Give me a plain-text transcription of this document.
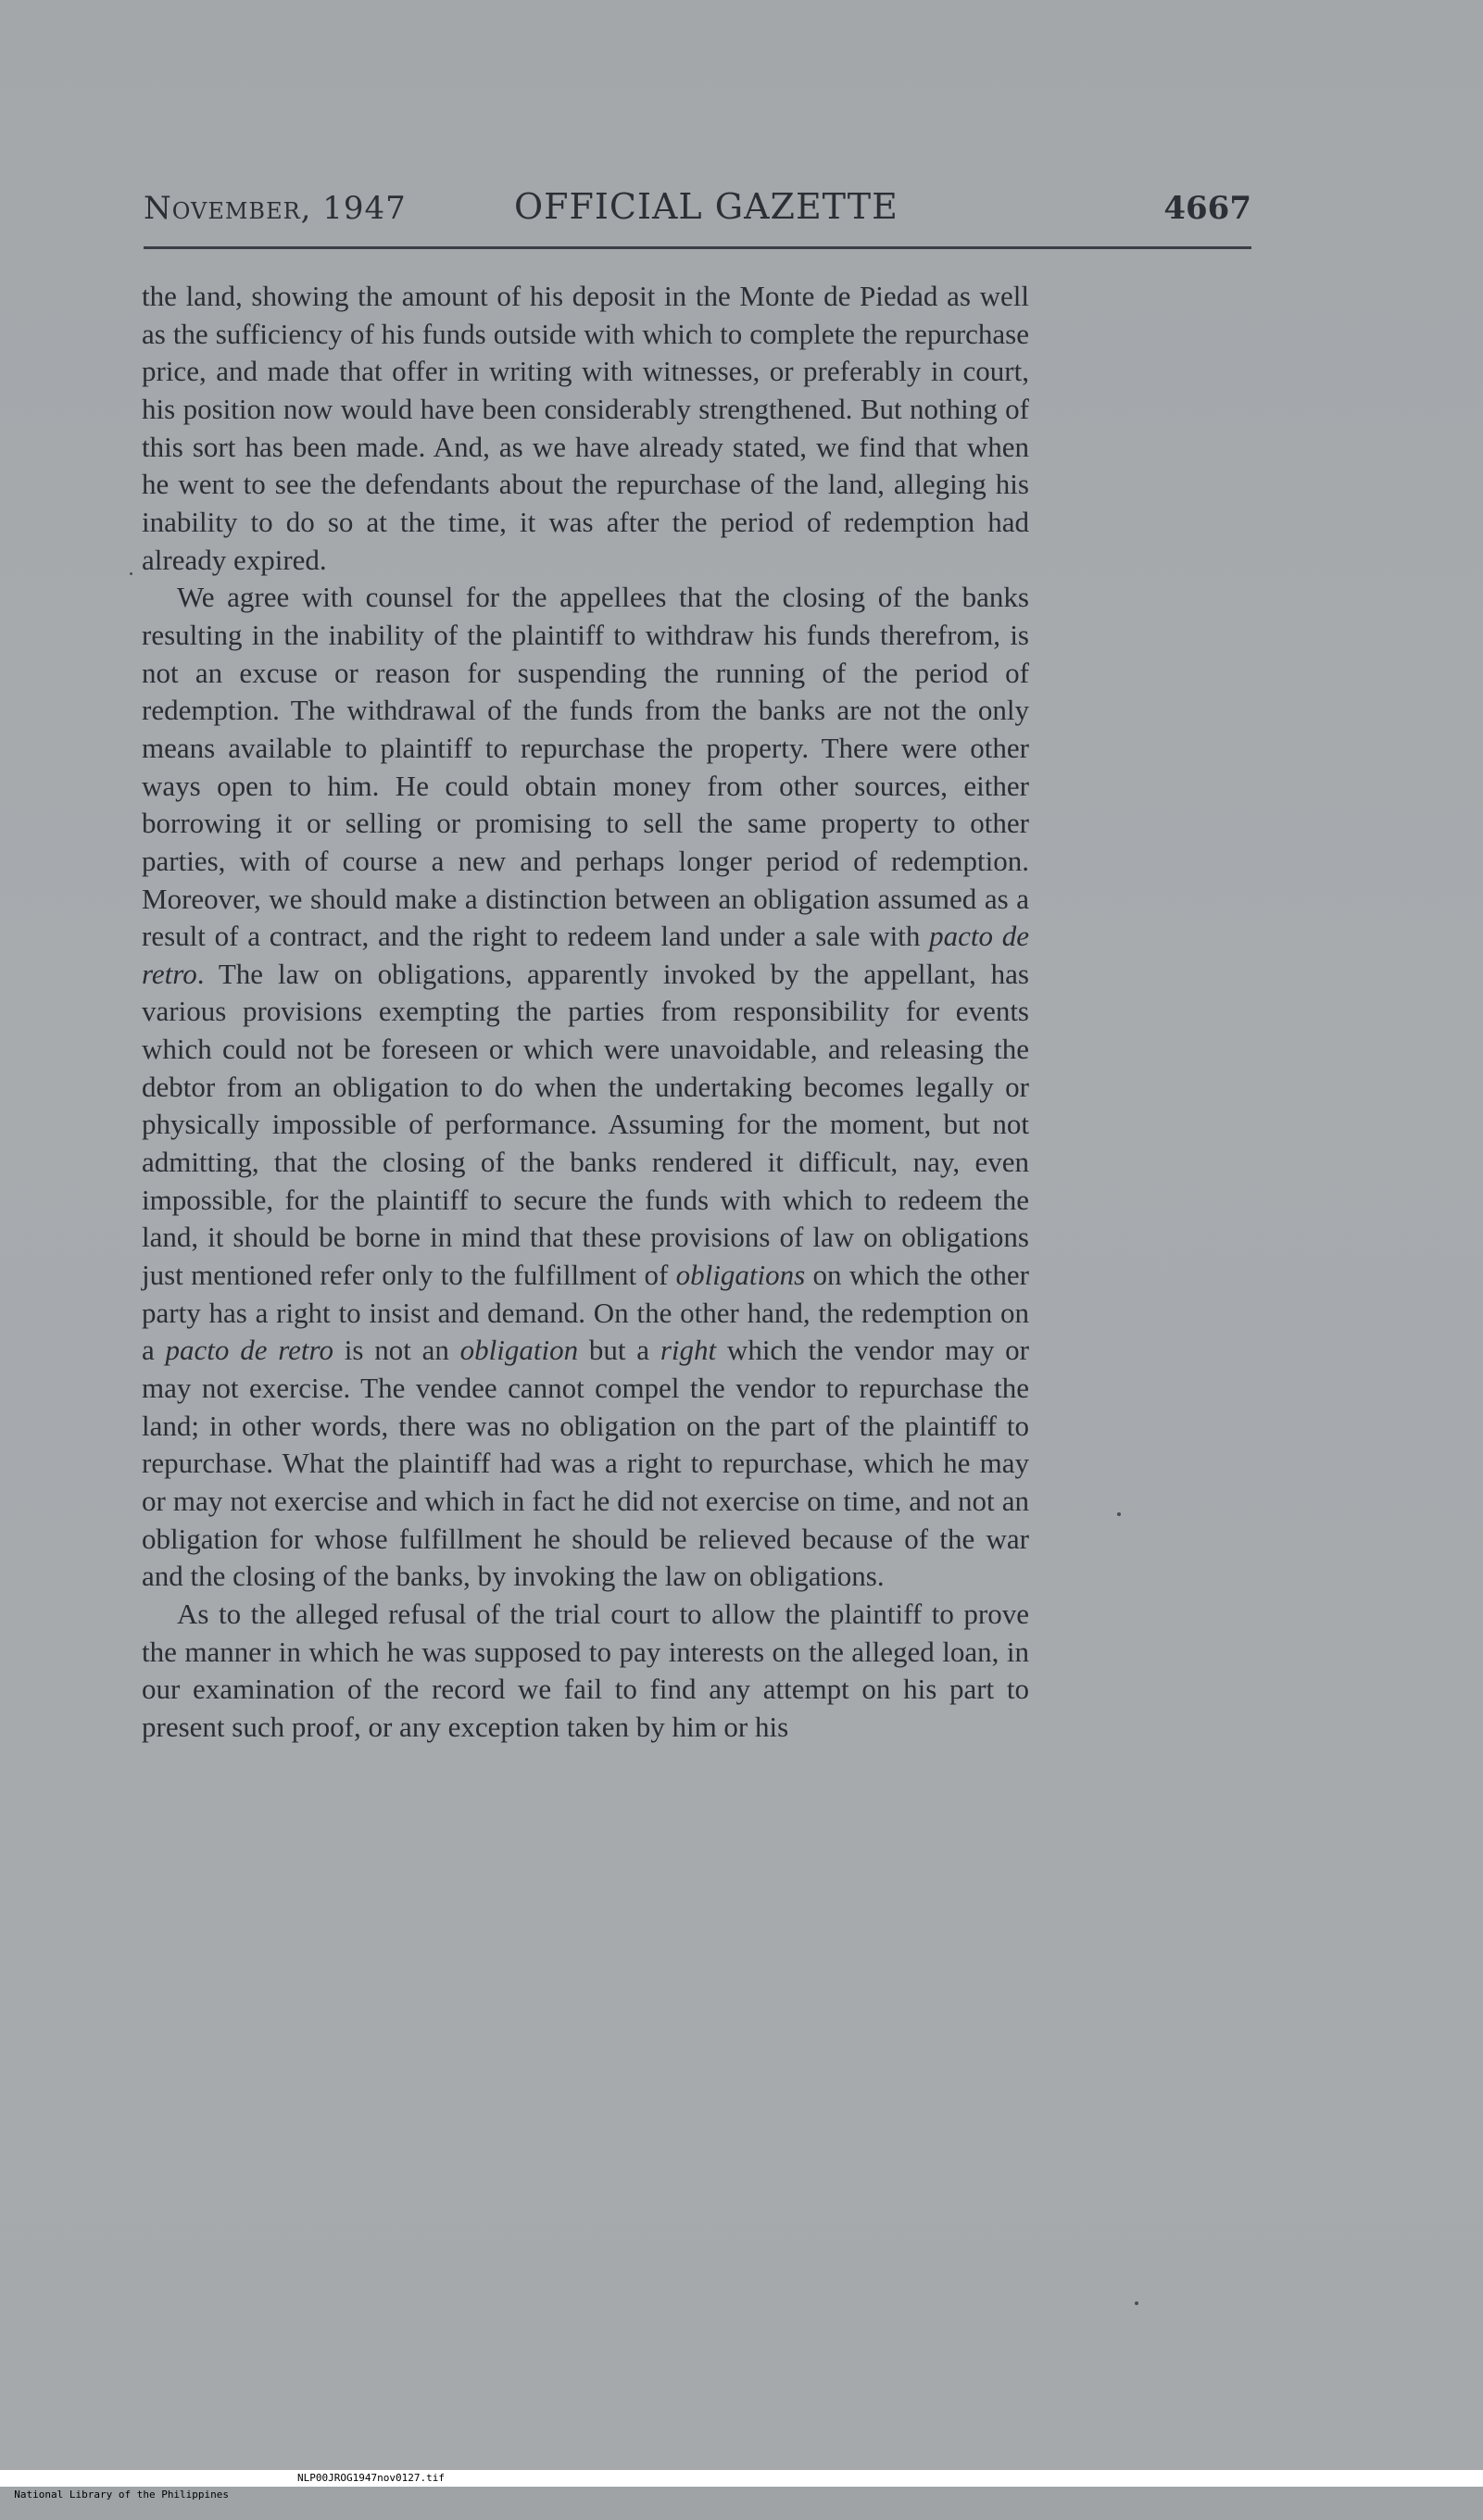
November, 1947	OFFICIAL GAZETTE	4667

the land, showing the amount of his deposit in the Monte de Piedad as well as the sufficiency of his funds outside with which to complete the repurchase price, and made that offer in writing with witnesses, or preferably in court, his position now would have been considerably strengthened. But nothing of this sort has been made. And, as we have already stated, we find that when he went to see the defendants about the repurchase of the land, alleging his inability to do so at the time, it was after the period of redemption had already expired.

We agree with counsel for the appellees that the closing of the banks resulting in the inability of the plaintiff to withdraw his funds therefrom, is not an excuse or reason for suspending the running of the period of redemption. The withdrawal of the funds from the banks are not the only means available to plaintiff to repurchase the property. There were other ways open to him. He could obtain money from other sources, either borrowing it or selling or promising to sell the same property to other parties, with of course a new and perhaps longer period of redemption. Moreover, we should make a distinction between an obligation assumed as a result of a contract, and the right to redeem land under a sale with pacto de retro. The law on obligations, apparently invoked by the appellant, has various provisions exempting the parties from responsibility for events which could not be foreseen or which were unavoidable, and releasing the debtor from an obligation to do when the undertaking becomes legally or physically impossible of performance. Assuming for the moment, but not admitting, that the closing of the banks rendered it difficult, nay, even impossible, for the plaintiff to secure the funds with which to redeem the land, it should be borne in mind that these provisions of law on obligations just mentioned refer only to the fulfillment of obligations on which the other party has a right to insist and demand. On the other hand, the redemption on a pacto de retro is not an obligation but a right which the vendor may or may not exercise. The vendee cannot compel the vendor to repurchase the land; in other words, there was no obligation on the part of the plaintiff to repurchase. What the plaintiff had was a right to repurchase, which he may or may not exercise and which in fact he did not exercise on time, and not an obligation for whose fulfillment he should be relieved because of the war and the closing of the banks, by invoking the law on obligations.

As to the alleged refusal of the trial court to allow the plaintiff to prove the manner in which he was supposed to pay interests on the alleged loan, in our examination of the record we fail to find any attempt on his part to present such proof, or any exception taken by him or his

National Library of the Philippines

NLP00JROG1947nov0127.tif
